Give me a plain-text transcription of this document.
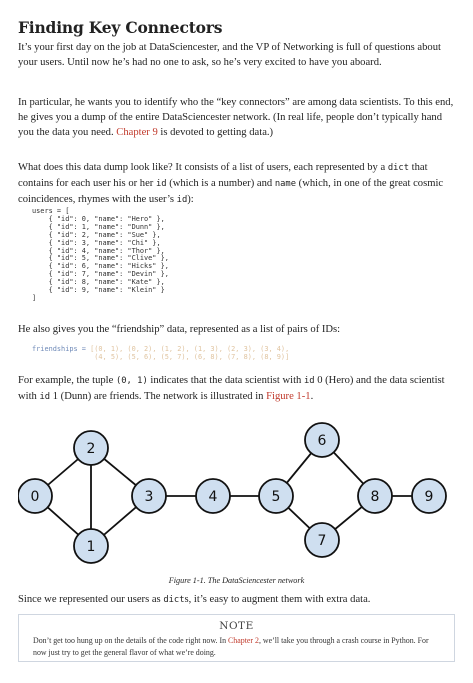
Finding Key Connectors

It’s your first day on the job at DataSciencester, and the VP of Networking is full of questions about your users. Until now he’s had no one to ask, so he’s very excited to have you aboard.

In particular, he wants you to identify who the “key connectors” are among data scientists. To this end, he gives you a dump of the entire DataSciencester network. (In real life, people don’t typically hand you the data you need. Chapter 9 is devoted to getting data.)

What does this data dump look like? It consists of a list of users, each represented by a dict that contains for each user his or her id (which is a number) and name (which, in one of the great cosmic coincidences, rhymes with the user’s id):

users = [
{ "id": 0, "name": "Hero" },
{ "id": 1, "name": "Dunn" },
{ "id": 2, "name": "Sue" },
{ "id": 3, "name": "Chi" },
{ "id": 4, "name": "Thor" },
{ "id": 5, "name": "Clive" },
{ "id": 6, "name": "Hicks" },
{ "id": 7, "name": "Devin" },
{ "id": 8, "name": "Kate" },
{ "id": 9, "name": "Klein" }
]

He also gives you the “friendship” data, represented as a list of pairs of IDs:

friendships = [(0, 1), (0, 2), (1, 2), (1, 3), (2, 3), (3, 4),
(4, 5), (5, 6), (5, 7), (6, 8), (7, 8), (8, 9)]

For example, the tuple (0, 1) indicates that the data scientist with id 0 (Hero) and the data scientist with id 1 (Dunn) are friends. The network is illustrated in Figure 1-1.

0
1
2
3	4	5
6
7
8	9
Figure 1-1. The DataSciencester network

Since we represented our users as dicts, it’s easy to augment them with extra data.

NOTE
Don’t get too hung up on the details of the code right now. In Chapter 2, we’ll take you through a crash course in Python. For now just try to get the general flavor of what we’re doing.
